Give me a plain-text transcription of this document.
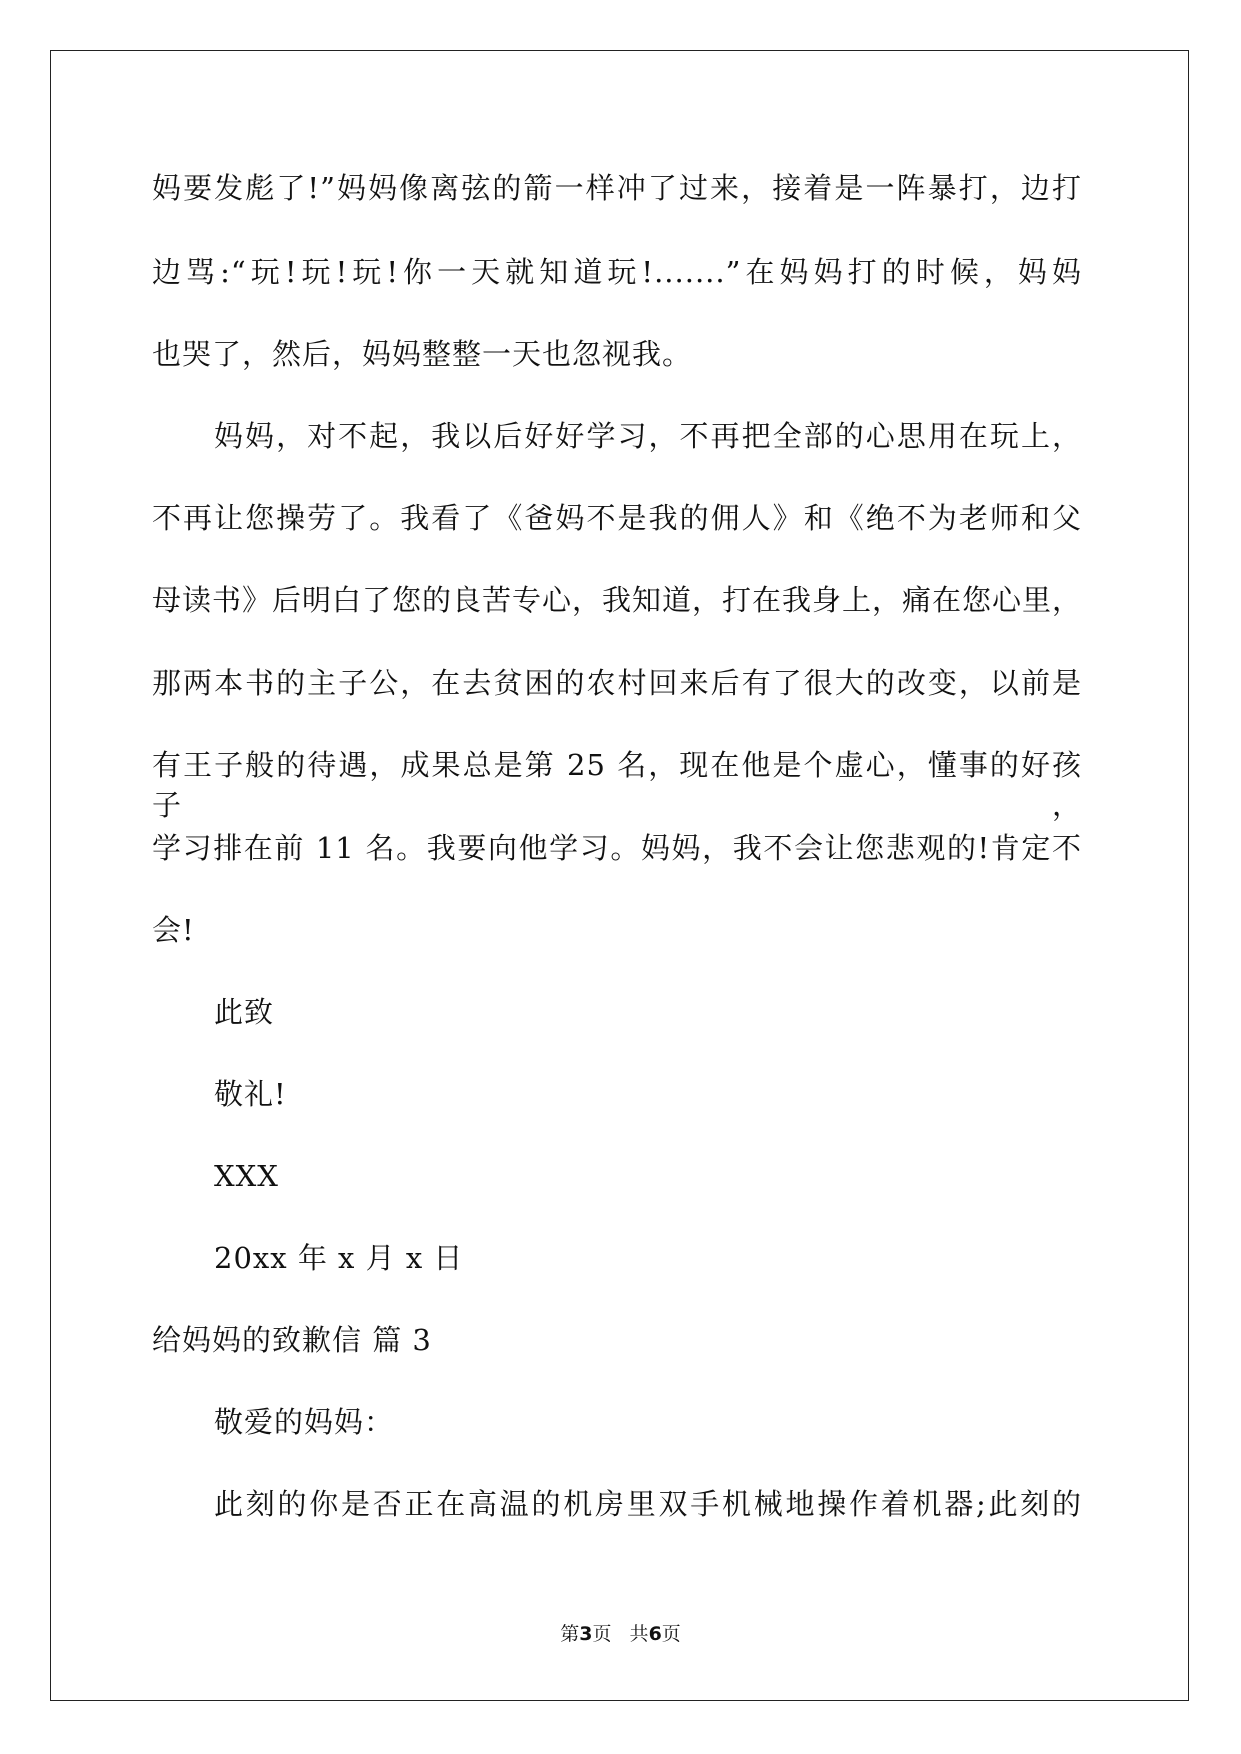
妈要发彪了!”妈妈像离弦的箭一样冲了过来，接着是一阵暴打，边打
边骂:“玩!玩!玩!你一天就知道玩!.......”在妈妈打的时候，妈妈
也哭了，然后，妈妈整整一天也忽视我。
妈妈，对不起，我以后好好学习，不再把全部的心思用在玩上，
不再让您操劳了。我看了《爸妈不是我的佣人》和《绝不为老师和父
母读书》后明白了您的良苦专心，我知道，打在我身上，痛在您心里，
那两本书的主子公，在去贫困的农村回来后有了很大的改变，以前是
有王子般的待遇，成果总是第 25 名，现在他是个虚心，懂事的好孩子，
学习排在前 11 名。我要向他学习。妈妈，我不会让您悲观的!肯定不
会!
此致
敬礼!
XXX
20xx 年 x 月 x 日
给妈妈的致歉信 篇 3
敬爱的妈妈：
此刻的你是否正在高温的机房里双手机械地操作着机器;此刻的
第3页   共6页
